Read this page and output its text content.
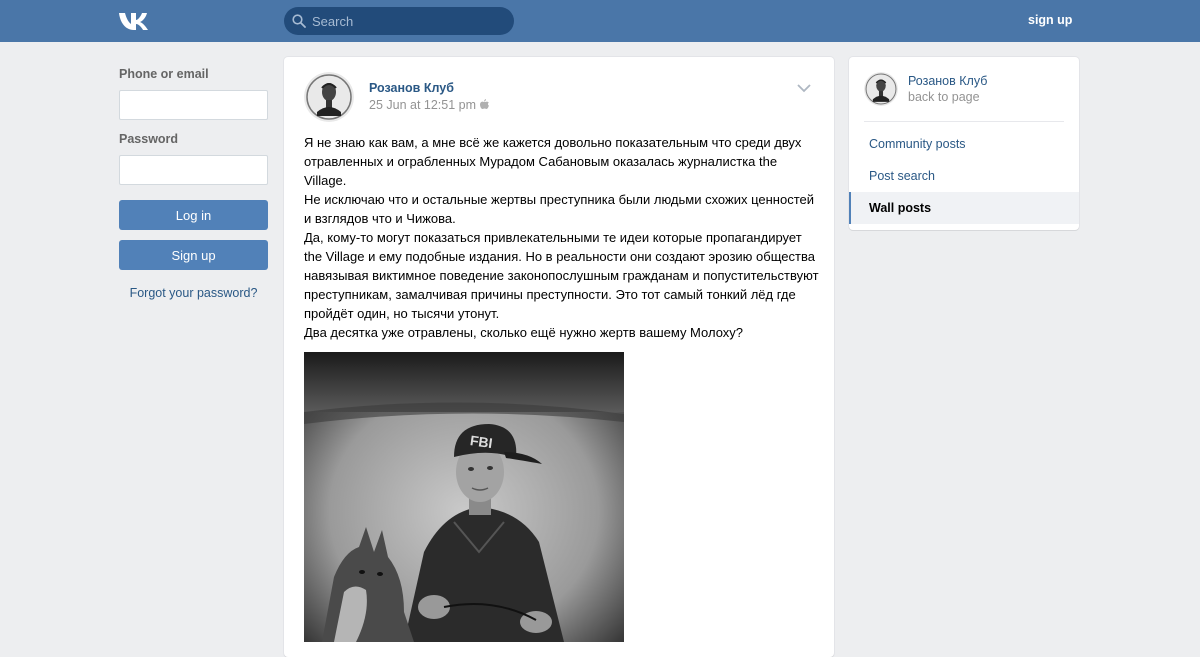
Search
sign up
Phone or email
Password
Log in
Sign up
Forgot your password?
Розанов Клуб
25 Jun at 12:51 pm

Я не знаю как вам, а мне всё же кажется довольно показательным что среди двух отравленных и ограбленных Мурадом Сабановым оказалась журналистка the Village.

Не исключаю что и остальные жертвы преступника были людьми схожих ценностей и взглядов что и Чижова.

Да, кому-то могут показаться привлекательными те идеи которые пропагандирует the Village и ему подобные издания. Но в реальности они создают эрозию общества навязывая виктимное поведение законопослушным гражданам и попустительствуют преступникам, замалчивая причины преступности. Это тот самый тонкий лёд где пройдёт один, но тысячи утонут.

Два десятка уже отравлены, сколько ещё нужно жертв вашему Молоху?

FBI
Розанов Клуб
back to page
Community posts
Post search
Wall posts
